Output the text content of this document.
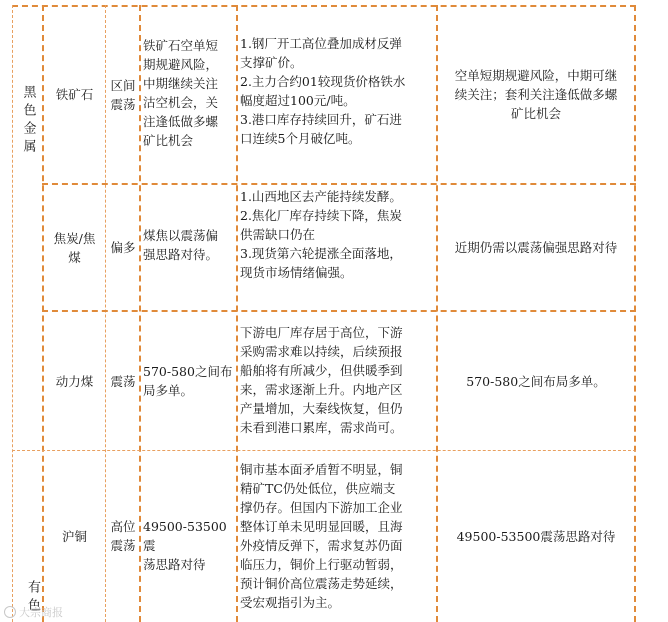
黑色金属
有色
铁矿石
区间
震荡
铁矿石空单短
期规避风险，
中期继续关注
沽空机会，关
注逢低做多螺
矿比机会
1.钢厂开工高位叠加成材反弹
支撑矿价。
2.主力合约01较现货价格铁水
幅度超过100元/吨。
3.港口库存持续回升，矿石进
口连续5个月破亿吨。
空单短期规避风险，中期可继
续关注；套利关注逢低做多螺
矿比机会
焦炭/焦
煤
偏多
煤焦以震荡偏
强思路对待。
1.山西地区去产能持续发酵。
2.焦化厂库存持续下降，焦炭
供需缺口仍在
3.现货第六轮提涨全面落地，
现货市场情绪偏强。
近期仍需以震荡偏强思路对待
动力煤 震荡
570-580之间布
局多单。
下游电厂库存居于高位，下游
采购需求难以持续，后续预报
船舶将有所减少，但供暖季到
来，需求逐渐上升。内地产区
产量增加，大秦线恢复，但仍
未看到港口累库，需求尚可。
570-580之间布局多单。
沪铜
高位
震荡
49500-53500震
荡思路对待
铜市基本面矛盾暂不明显，铜
精矿TC仍处低位，供应端支
撑仍存。但国内下游加工企业
整体订单未见明显回暖，且海
外疫情反弹下，需求复苏仍面
临压力，铜价上行驱动暂弱，
预计铜价高位震荡走势延续，
受宏观指引为主。
49500-53500震荡思路对待
大宗商报
